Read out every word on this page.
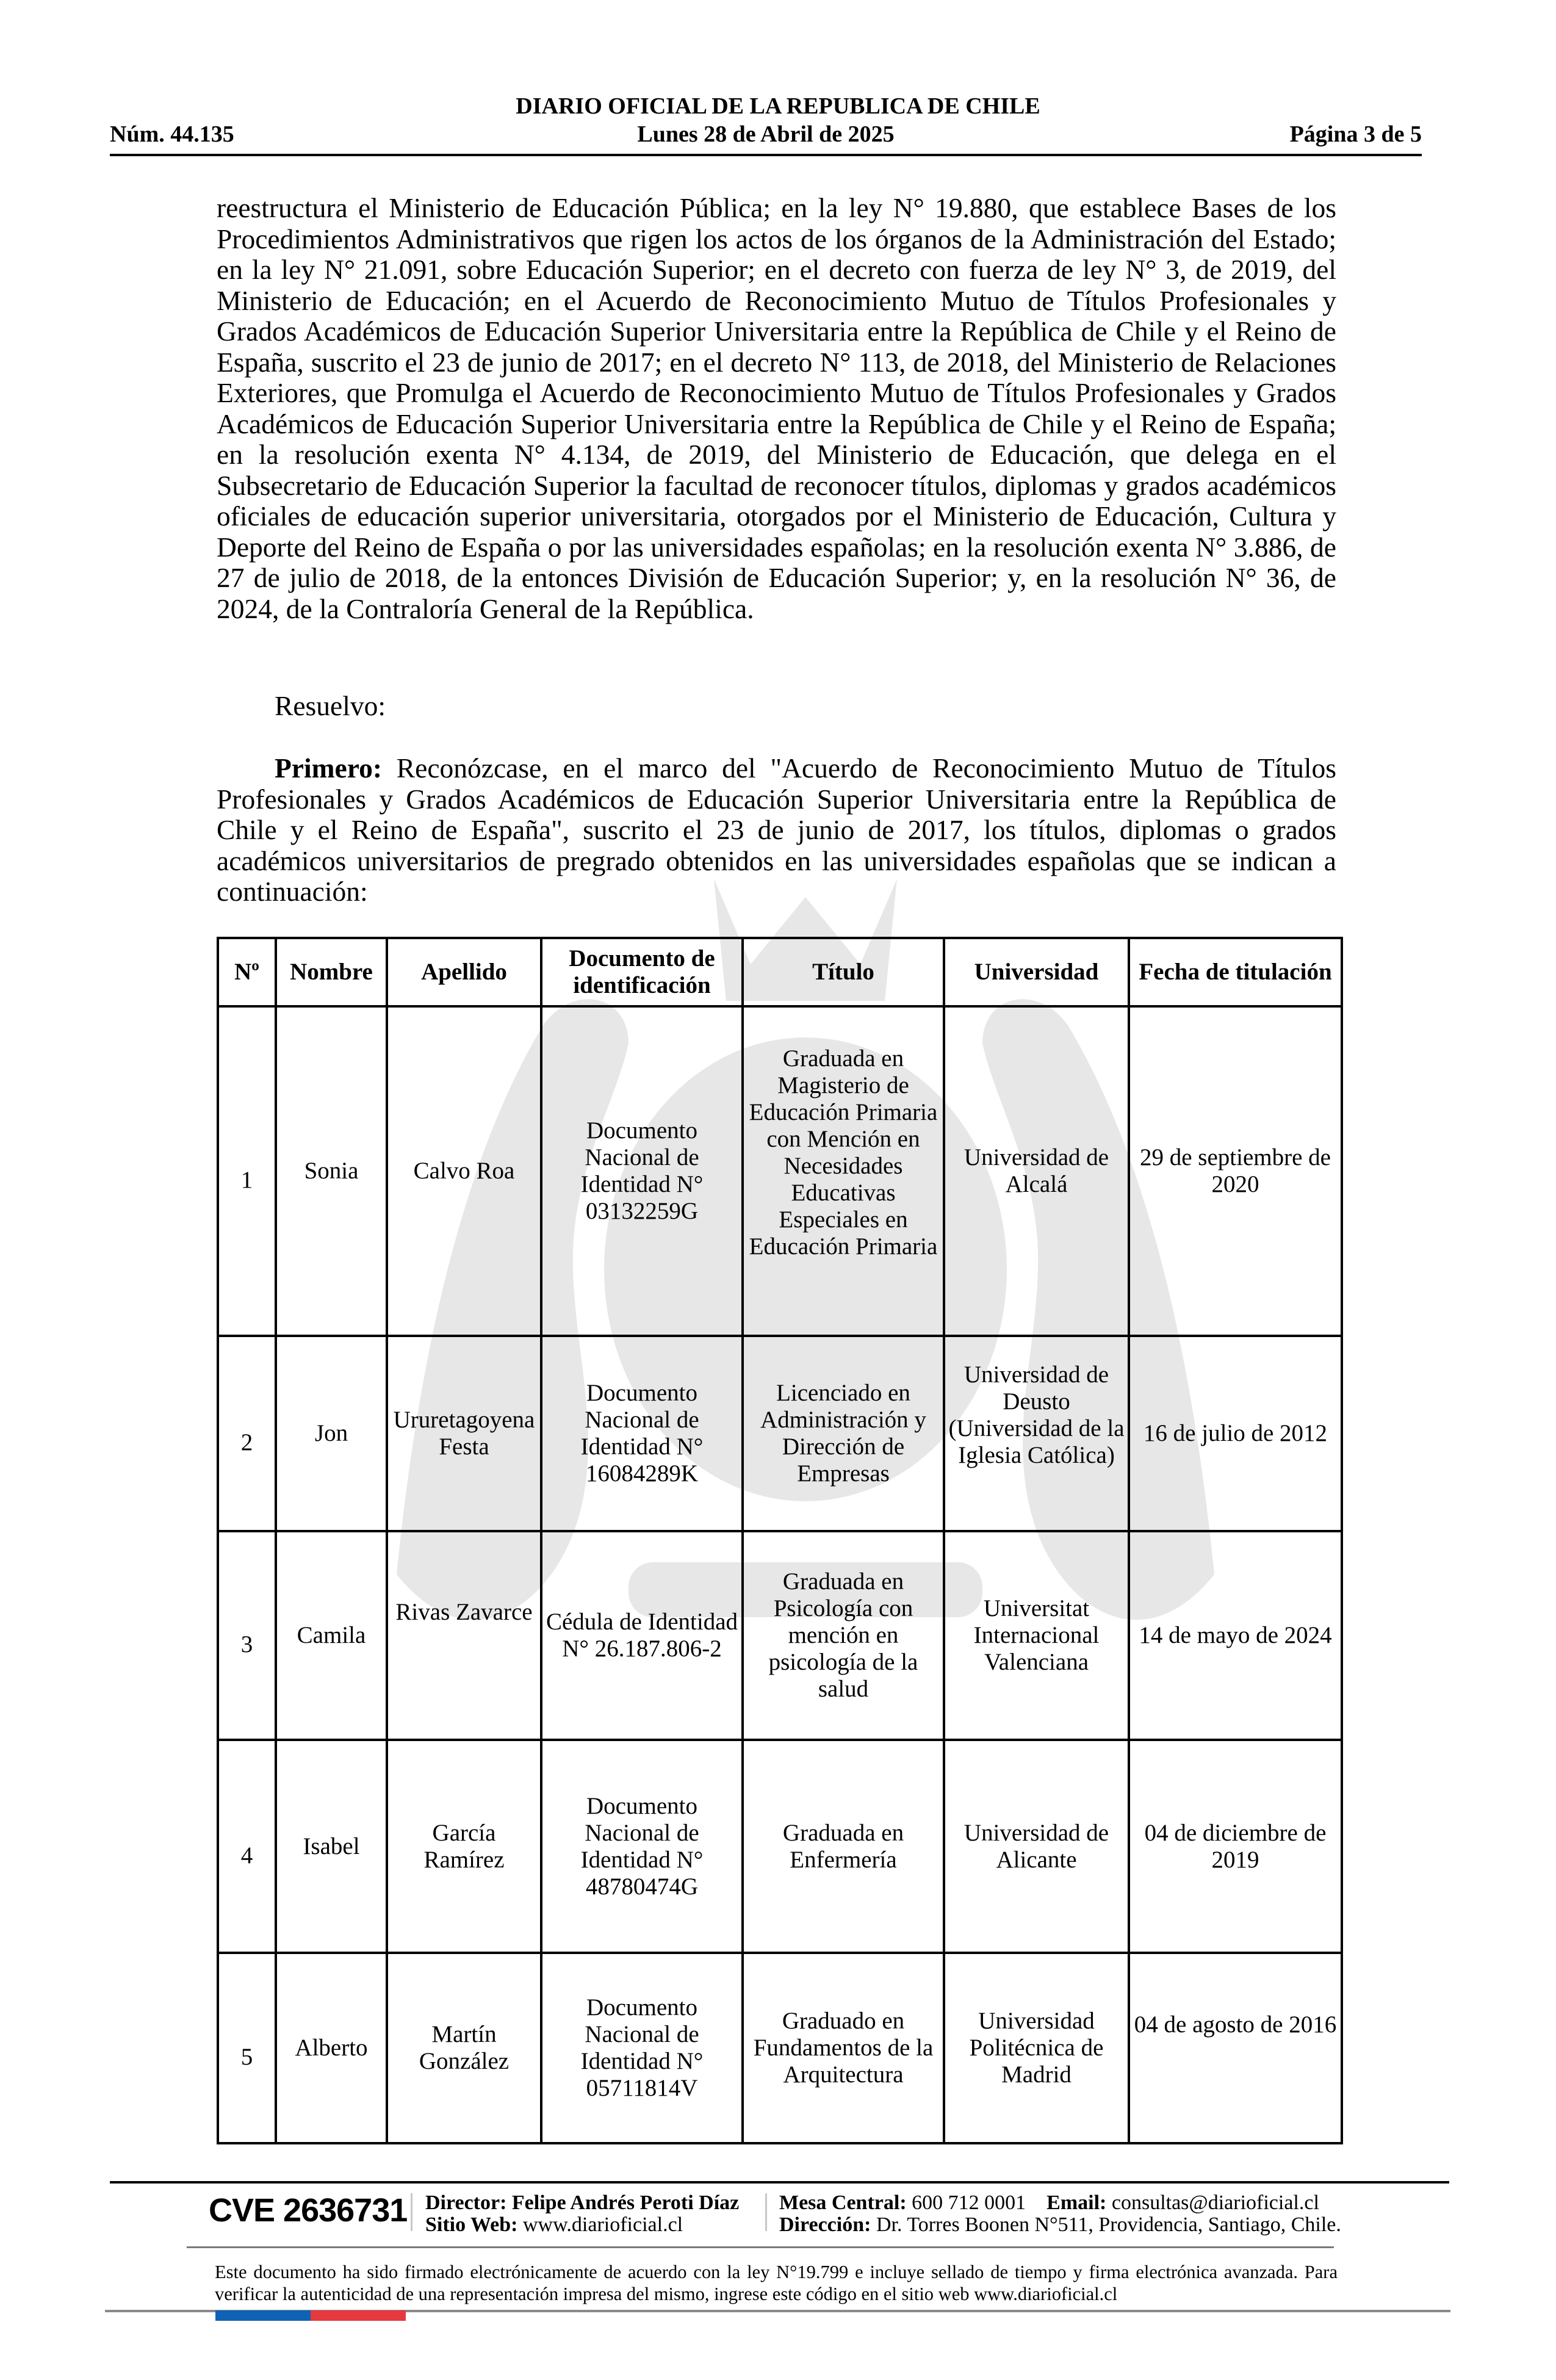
DIARIO OFICIAL DE LA REPUBLICA DE CHILE
Núm. 44.135	Lunes 28 de Abril de 2025	Página 3 de 5
reestructura el Ministerio de Educación Pública; en la ley N° 19.880, que establece Bases de los Procedimientos Administrativos que rigen los actos de los órganos de la Administración del Estado; en la ley N° 21.091, sobre Educación Superior; en el decreto con fuerza de ley N° 3, de 2019, del Ministerio de Educación; en el Acuerdo de Reconocimiento Mutuo de Títulos Profesionales y Grados Académicos de Educación Superior Universitaria entre la República de Chile y el Reino de España, suscrito el 23 de junio de 2017; en el decreto N° 113, de 2018, del Ministerio de Relaciones Exteriores, que Promulga el Acuerdo de Reconocimiento Mutuo de Títulos Profesionales y Grados Académicos de Educación Superior Universitaria entre la República de Chile y el Reino de España; en la resolución exenta N° 4.134, de 2019, del Ministerio de Educación, que delega en el Subsecretario de Educación Superior la facultad de reconocer títulos, diplomas y grados académicos oficiales de educación superior universitaria, otorgados por el Ministerio de Educación, Cultura y Deporte del Reino de España o por las universidades españolas; en la resolución exenta N° 3.886, de 27 de julio de 2018, de la entonces División de Educación Superior; y, en la resolución N° 36, de 2024, de la Contraloría General de la República.
Resuelvo:
Primero: Reconózcase, en el marco del "Acuerdo de Reconocimiento Mutuo de Títulos Profesionales y Grados Académicos de Educación Superior Universitaria entre la República de Chile y el Reino de España", suscrito el 23 de junio de 2017, los títulos, diplomas o grados académicos universitarios de pregrado obtenidos en las universidades españolas que se indican a continuación:
Nº	Nombre	Apellido	Documento de identificación	Título	Universidad	Fecha de titulación
1	Sonia	Calvo Roa	Documento Nacional de Identidad N° 03132259G	Graduada en Magisterio de Educación Primaria con Mención en Necesidades Educativas Especiales en Educación Primaria	Universidad de Alcalá	29 de septiembre de 2020
2	Jon	Ururetagoyena Festa	Documento Nacional de Identidad N° 16084289K	Licenciado en Administración y Dirección de Empresas	Universidad de Deusto (Universidad de la Iglesia Católica)	16 de julio de 2012
3	Camila	Rivas Zavarce	Cédula de Identidad N° 26.187.806-2	Graduada en Psicología con mención en psicología de la salud	Universitat Internacional Valenciana	14 de mayo de 2024
4	Isabel	García Ramírez	Documento Nacional de Identidad N° 48780474G	Graduada en Enfermería	Universidad de Alicante	04 de diciembre de 2019
5	Alberto	Martín González	Documento Nacional de Identidad N° 05711814V	Graduado en Fundamentos de la Arquitectura	Universidad Politécnica de Madrid	04 de agosto de 2016
CVE 2636731 Director: Felipe Andrés Peroti Díaz
Sitio Web: www.diarioficial.cl
Mesa Central: 600 712 0001 Email: consultas@diarioficial.cl
Dirección: Dr. Torres Boonen N°511, Providencia, Santiago, Chile.
Este documento ha sido firmado electrónicamente de acuerdo con la ley N°19.799 e incluye sellado de tiempo y firma electrónica avanzada. Para verificar la autenticidad de una representación impresa del mismo, ingrese este código en el sitio web www.diarioficial.cl
